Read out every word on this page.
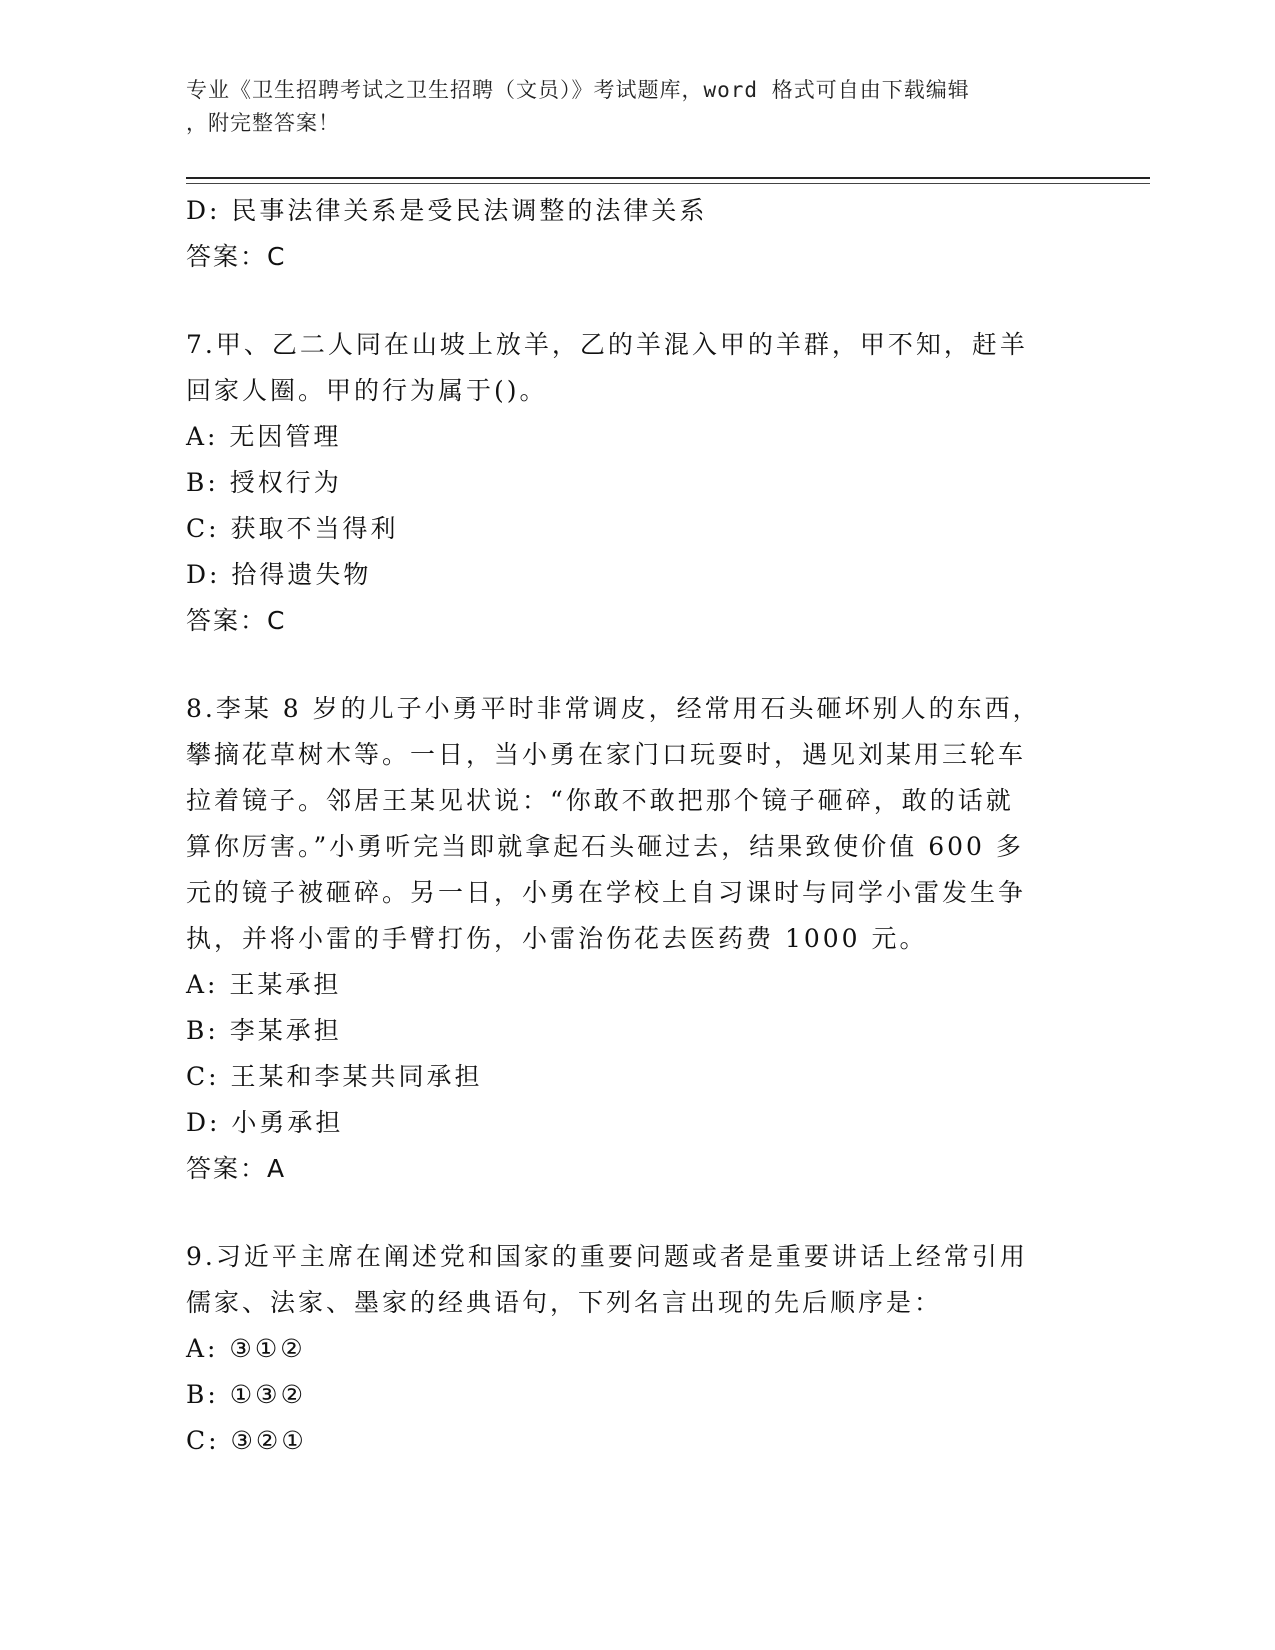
专业《卫生招聘考试之卫生招聘（文员）》考试题库，word 格式可自由下载编辑
，附完整答案！
D: 民事法律关系是受民法调整的法律关系
答案：C
7.甲、乙二人同在山坡上放羊，乙的羊混入甲的羊群，甲不知，赶羊
回家人圈。甲的行为属于()。
A: 无因管理
B: 授权行为
C: 获取不当得利
D: 拾得遗失物
答案：C
8.李某 8 岁的儿子小勇平时非常调皮，经常用石头砸坏别人的东西，
攀摘花草树木等。一日，当小勇在家门口玩耍时，遇见刘某用三轮车
拉着镜子。邻居王某见状说：“你敢不敢把那个镜子砸碎，敢的话就
算你厉害。”小勇听完当即就拿起石头砸过去，结果致使价值 600 多
元的镜子被砸碎。另一日，小勇在学校上自习课时与同学小雷发生争
执，并将小雷的手臂打伤，小雷治伤花去医药费 1000 元。
A: 王某承担
B: 李某承担
C: 王某和李某共同承担
D: 小勇承担
答案：A
9.习近平主席在阐述党和国家的重要问题或者是重要讲话上经常引用
儒家、法家、墨家的经典语句，下列名言出现的先后顺序是：
A: ③①②
B: ①③②
C: ③②①
